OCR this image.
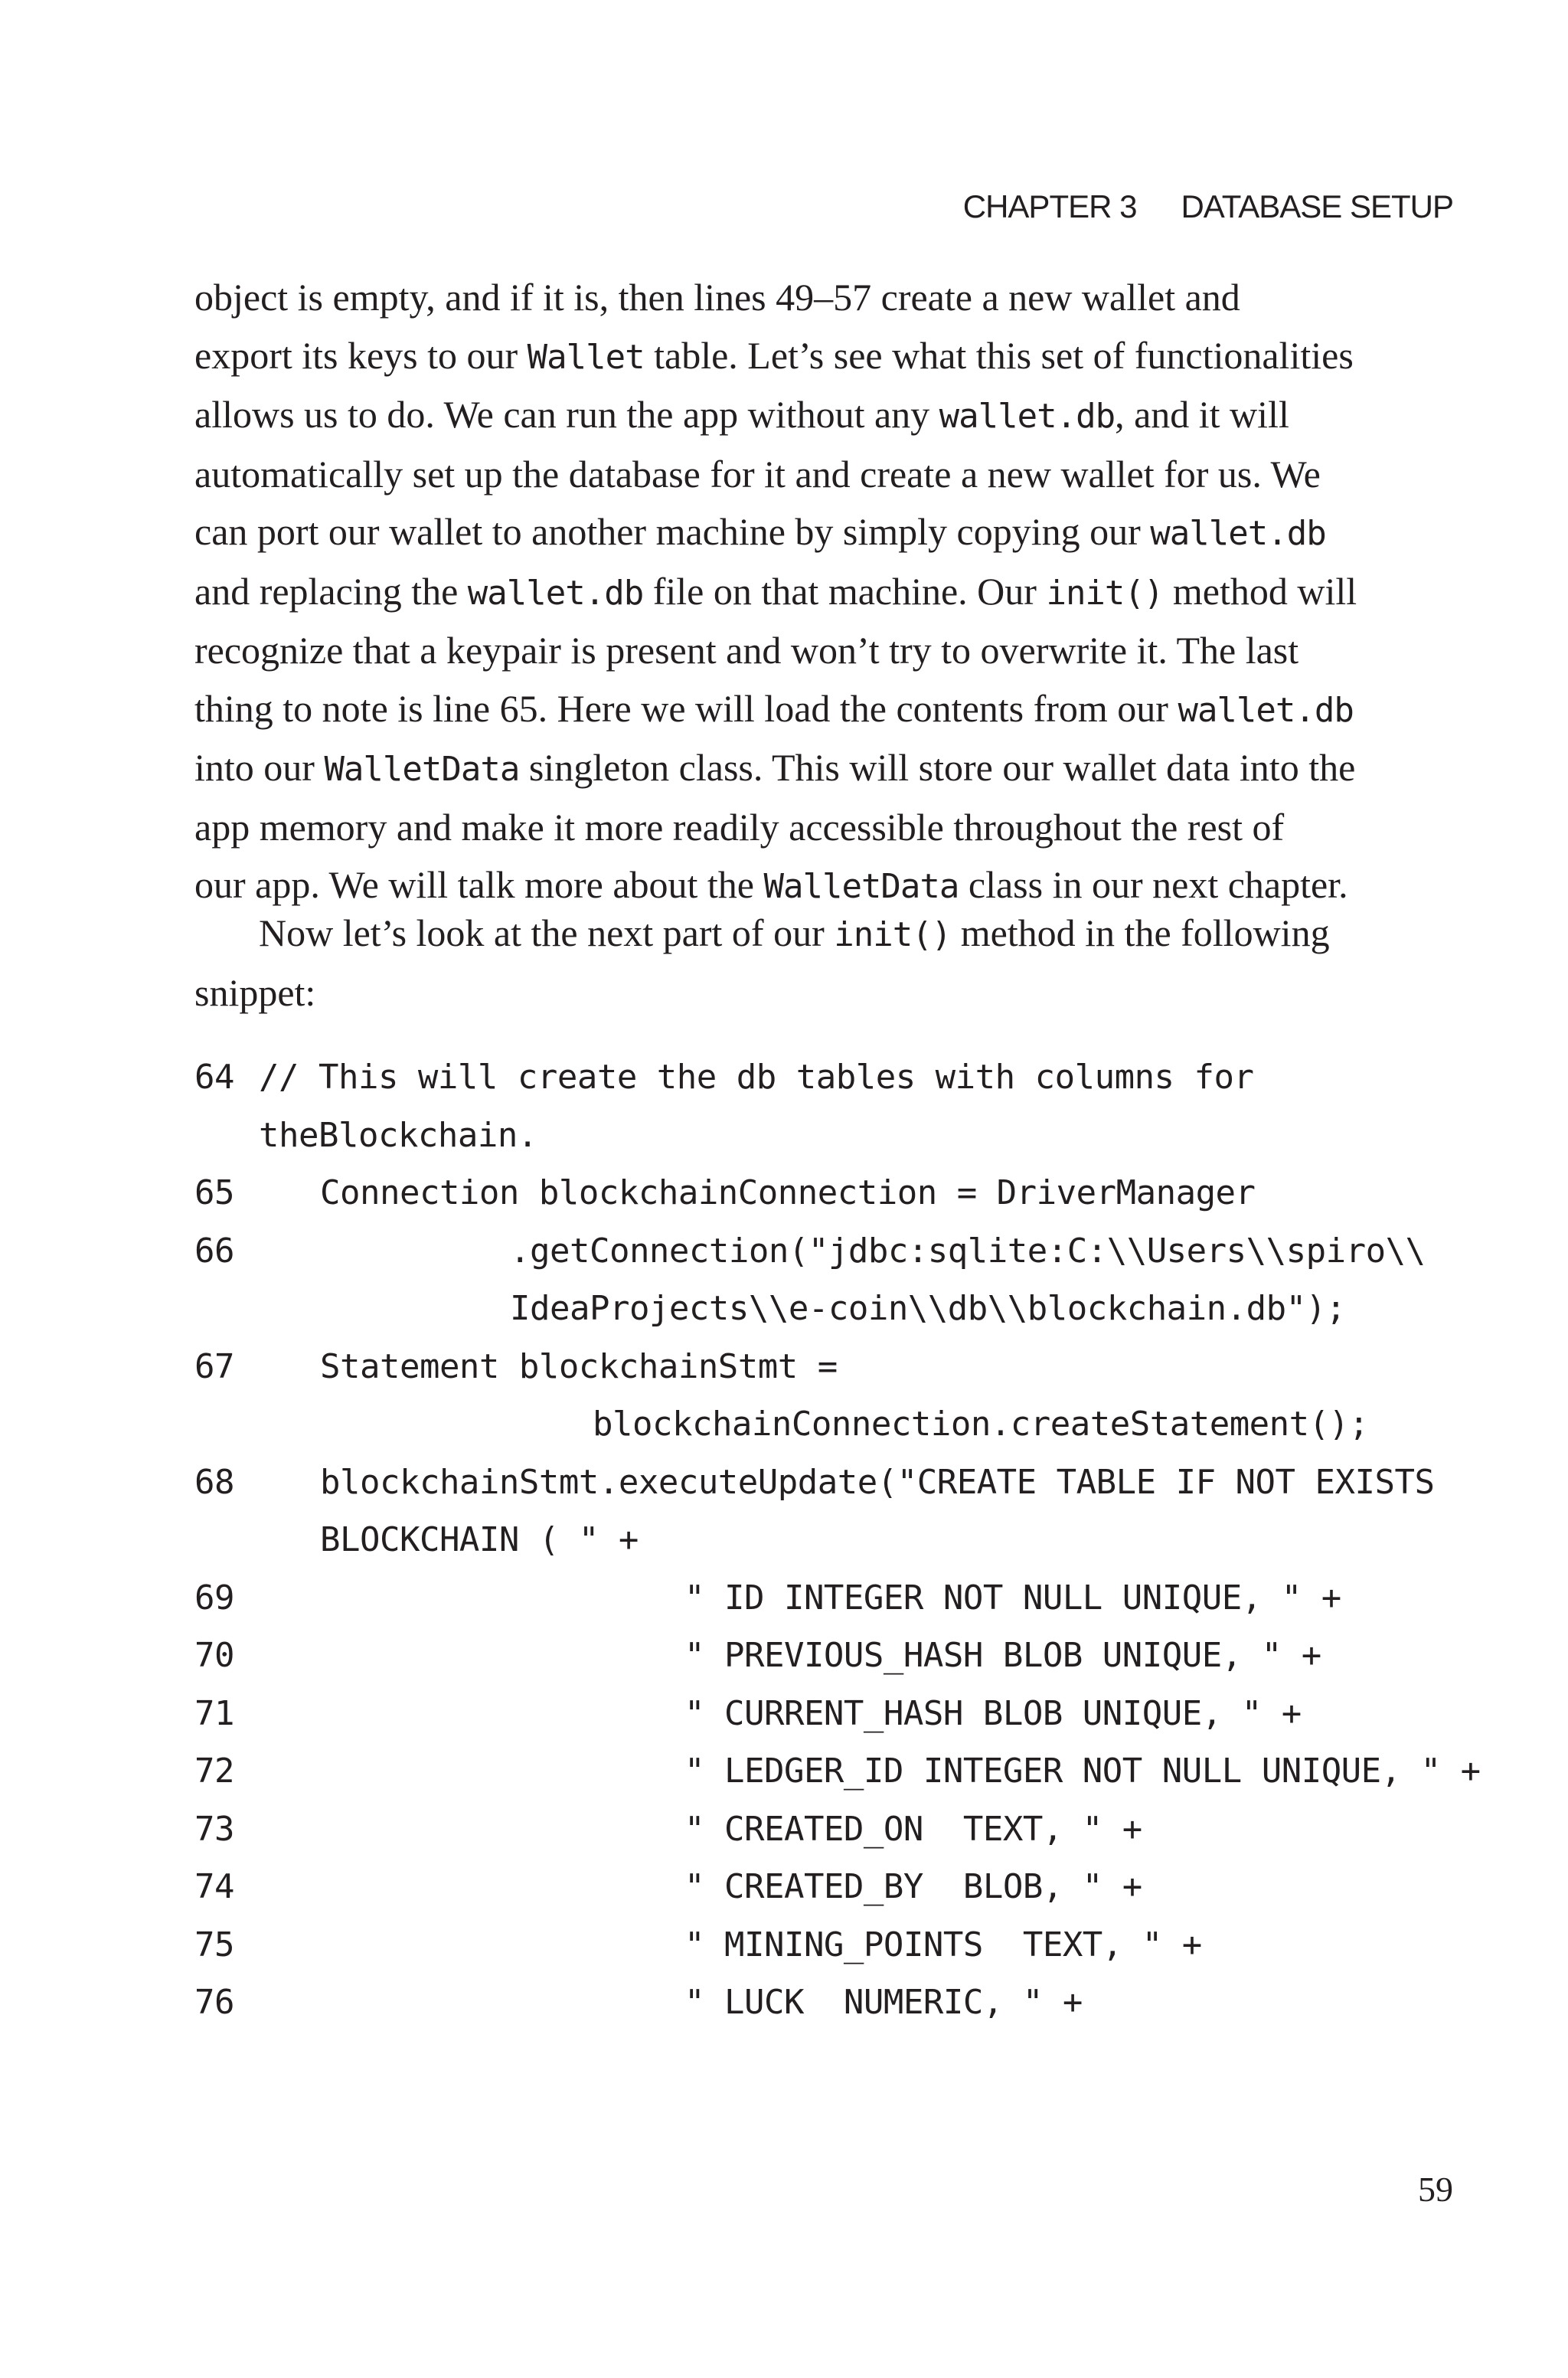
CHAPTER 3 DATABASE SETUP

object is empty, and if it is, then lines 49–57 create a new wallet and
export its keys to our Wallet table. Let’s see what this set of functionalities
allows us to do. We can run the app without any wallet.db, and it will
automatically set up the database for it and create a new wallet for us. We
can port our wallet to another machine by simply copying our wallet.db
and replacing the wallet.db file on that machine. Our init() method will
recognize that a keypair is present and won’t try to overwrite it. The last
thing to note is line 65. Here we will load the contents from our wallet.db
into our WalletData singleton class. This will store our wallet data into the
app memory and make it more readily accessible throughout the rest of
our app. We will talk more about the WalletData class in our next chapter.

Now let’s look at the next part of our init() method in the following
snippet:

64 // This will create the db tables with columns for
theBlockchain.
65	Connection blockchainConnection = DriverManager
66	.getConnection("jdbc:sqlite:C:\\Users\\spiro\\
IdeaProjects\\e-coin\\db\\blockchain.db");
67	Statement blockchainStmt =
blockchainConnection.createStatement();
68	blockchainStmt.executeUpdate("CREATE TABLE IF NOT EXISTS
BLOCKCHAIN ( " +
69	" ID INTEGER NOT NULL UNIQUE, " +
70	" PREVIOUS_HASH BLOB UNIQUE, " +
71	" CURRENT_HASH BLOB UNIQUE, " +
72	" LEDGER_ID INTEGER NOT NULL UNIQUE, " +
73	" CREATED_ON  TEXT, " +
74	" CREATED_BY  BLOB, " +
75	" MINING_POINTS  TEXT, " +
76	" LUCK  NUMERIC, " +
59
